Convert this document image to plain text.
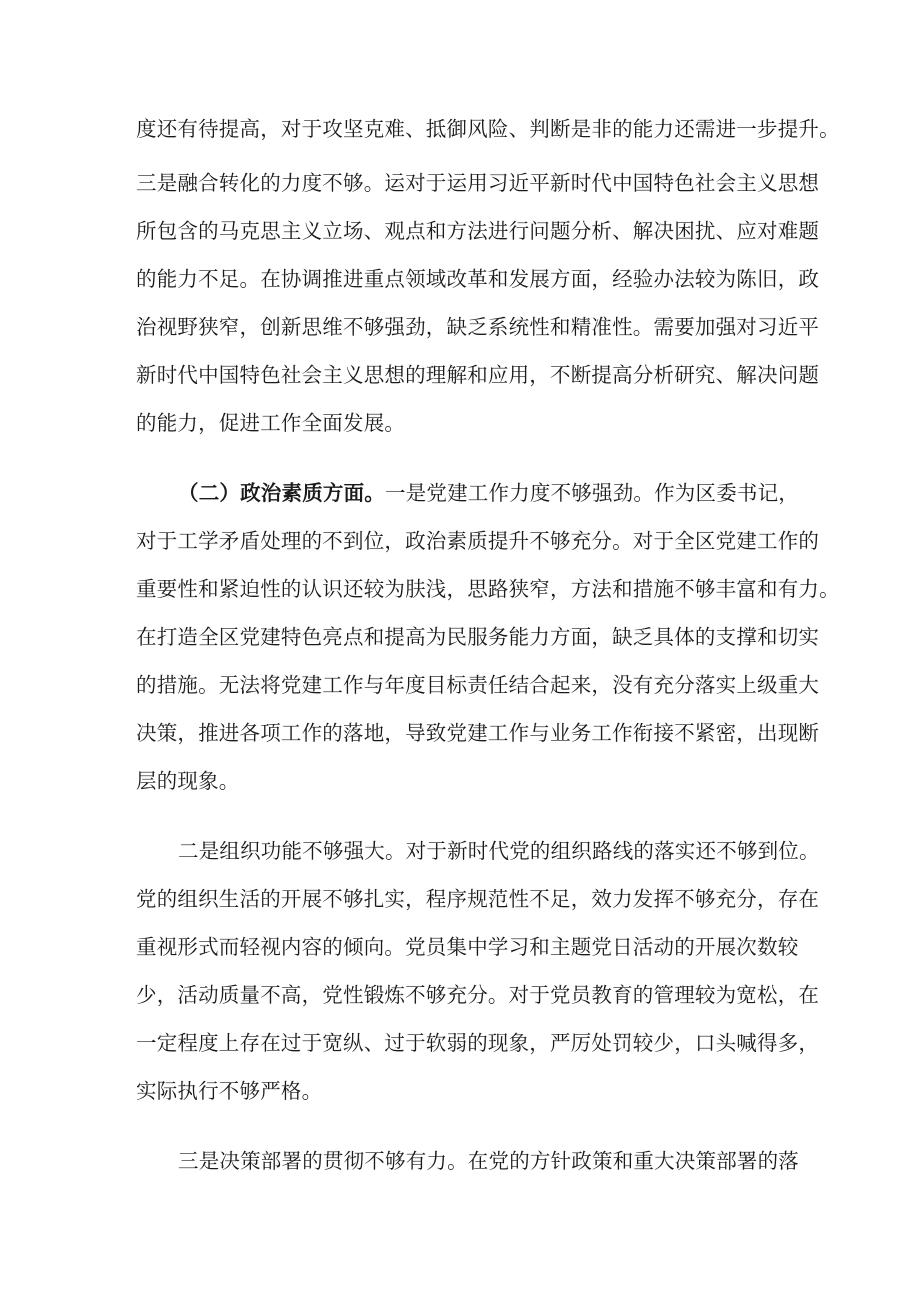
度还有待提高，对于攻坚克难、抵御风险、判断是非的能力还需进一步提升。
三是融合转化的力度不够。运对于运用习近平新时代中国特色社会主义思想
所包含的马克思主义立场、观点和方法进行问题分析、解决困扰、应对难题
的能力不足。在协调推进重点领域改革和发展方面，经验办法较为陈旧，政
治视野狭窄，创新思维不够强劲，缺乏系统性和精准性。需要加强对习近平
新时代中国特色社会主义思想的理解和应用，不断提高分析研究、解决问题
的能力，促进工作全面发展。
（二）政治素质方面。一是党建工作力度不够强劲。作为区委书记，
对于工学矛盾处理的不到位，政治素质提升不够充分。对于全区党建工作的
重要性和紧迫性的认识还较为肤浅，思路狭窄，方法和措施不够丰富和有力。
在打造全区党建特色亮点和提高为民服务能力方面，缺乏具体的支撑和切实
的措施。无法将党建工作与年度目标责任结合起来，没有充分落实上级重大
决策，推进各项工作的落地，导致党建工作与业务工作衔接不紧密，出现断
层的现象。
二是组织功能不够强大。对于新时代党的组织路线的落实还不够到位。
党的组织生活的开展不够扎实，程序规范性不足，效力发挥不够充分，存在
重视形式而轻视内容的倾向。党员集中学习和主题党日活动的开展次数较
少，活动质量不高，党性锻炼不够充分。对于党员教育的管理较为宽松，在
一定程度上存在过于宽纵、过于软弱的现象，严厉处罚较少，口头喊得多，
实际执行不够严格。
三是决策部署的贯彻不够有力。在党的方针政策和重大决策部署的落
